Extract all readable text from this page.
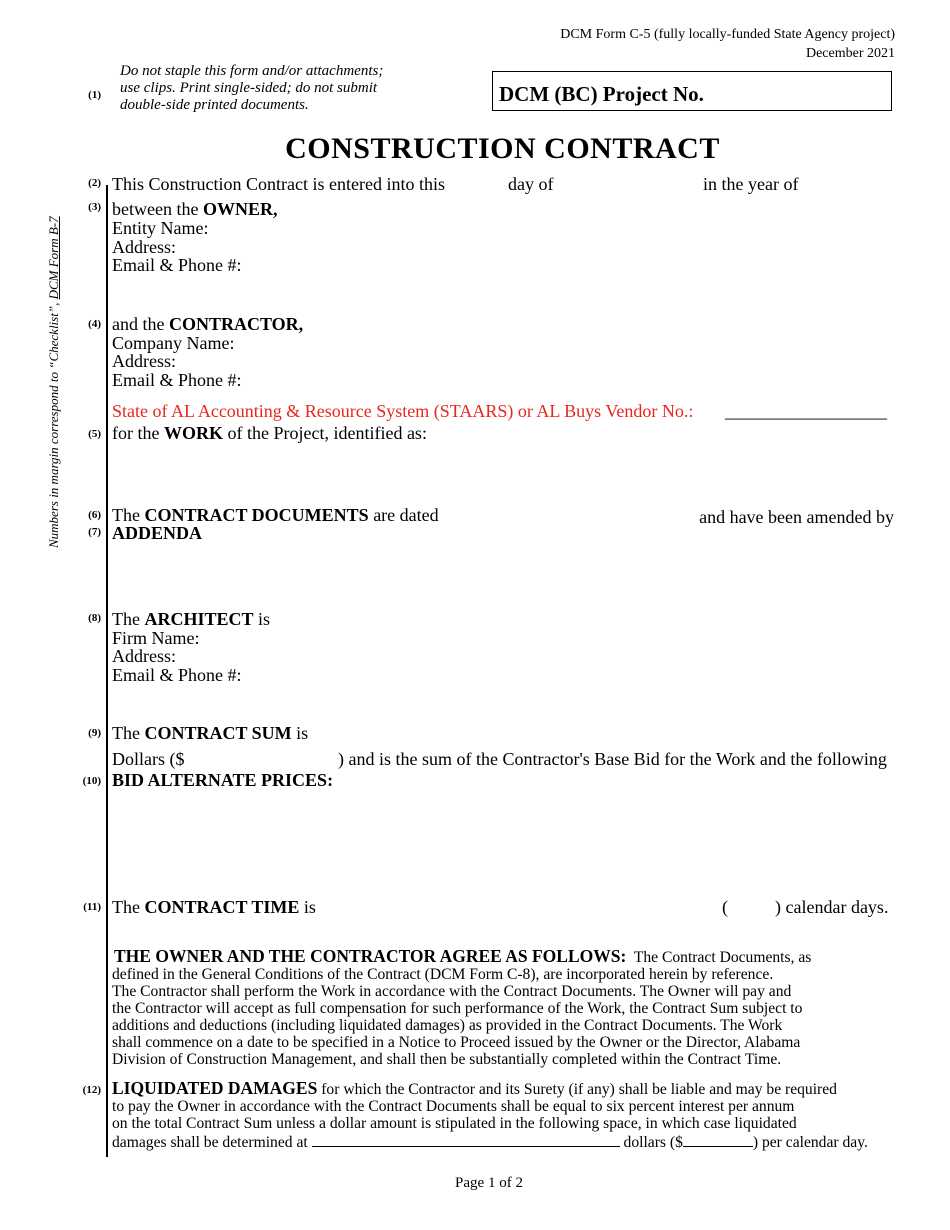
DCM Form C-5 (fully locally-funded State Agency project)
December 2021
Numbers in margin correspond to “Checklist”, DCM Form B-7
(1)
Do not staple this form and/or attachments;
use clips. Print single-sided; do not submit
double-side printed documents.	DCM (BC) Project No.
CONSTRUCTION CONTRACT
(2) This Construction Contract is entered into this	day of	in the year of
(3) between the OWNER,
Entity Name:
Address:
Email & Phone #:
(4) and the CONTRACTOR,
Company Name:
Address:
Email & Phone #:
State of AL Accounting & Resource System (STAARS) or AL Buys Vendor No.: __________________
(5) for the WORK of the Project, identified as:
(6)
(7)
The CONTRACT DOCUMENTS are dated	and have been amended by
ADDENDA
(8) The ARCHITECT is
Firm Name:
Address:
Email & Phone #:
(9) The CONTRACT SUM is
Dollars ($	) and is the sum of the Contractor's Base Bid for the Work and the following
(10) BID ALTERNATE PRICES:
(11) The CONTRACT TIME is	(	) calendar days.
THE OWNER AND THE CONTRACTOR AGREE AS FOLLOWS: The Contract Documents, as
defined in the General Conditions of the Contract (DCM Form C-8), are incorporated herein by reference.
The Contractor shall perform the Work in accordance with the Contract Documents. The Owner will pay and
the Contractor will accept as full compensation for such performance of the Work, the Contract Sum subject to
additions and deductions (including liquidated damages) as provided in the Contract Documents. The Work
shall commence on a date to be specified in a Notice to Proceed issued by the Owner or the Director, Alabama
Division of Construction Management, and shall then be substantially completed within the Contract Time.
(12) LIQUIDATED DAMAGES for which the Contractor and its Surety (if any) shall be liable and may be required
to pay the Owner in accordance with the Contract Documents shall be equal to six percent interest per annum
on the total Contract Sum unless a dollar amount is stipulated in the following space, in which case liquidated
damages shall be determined at	dollars ($	) per calendar day.
Page 1 of 2
